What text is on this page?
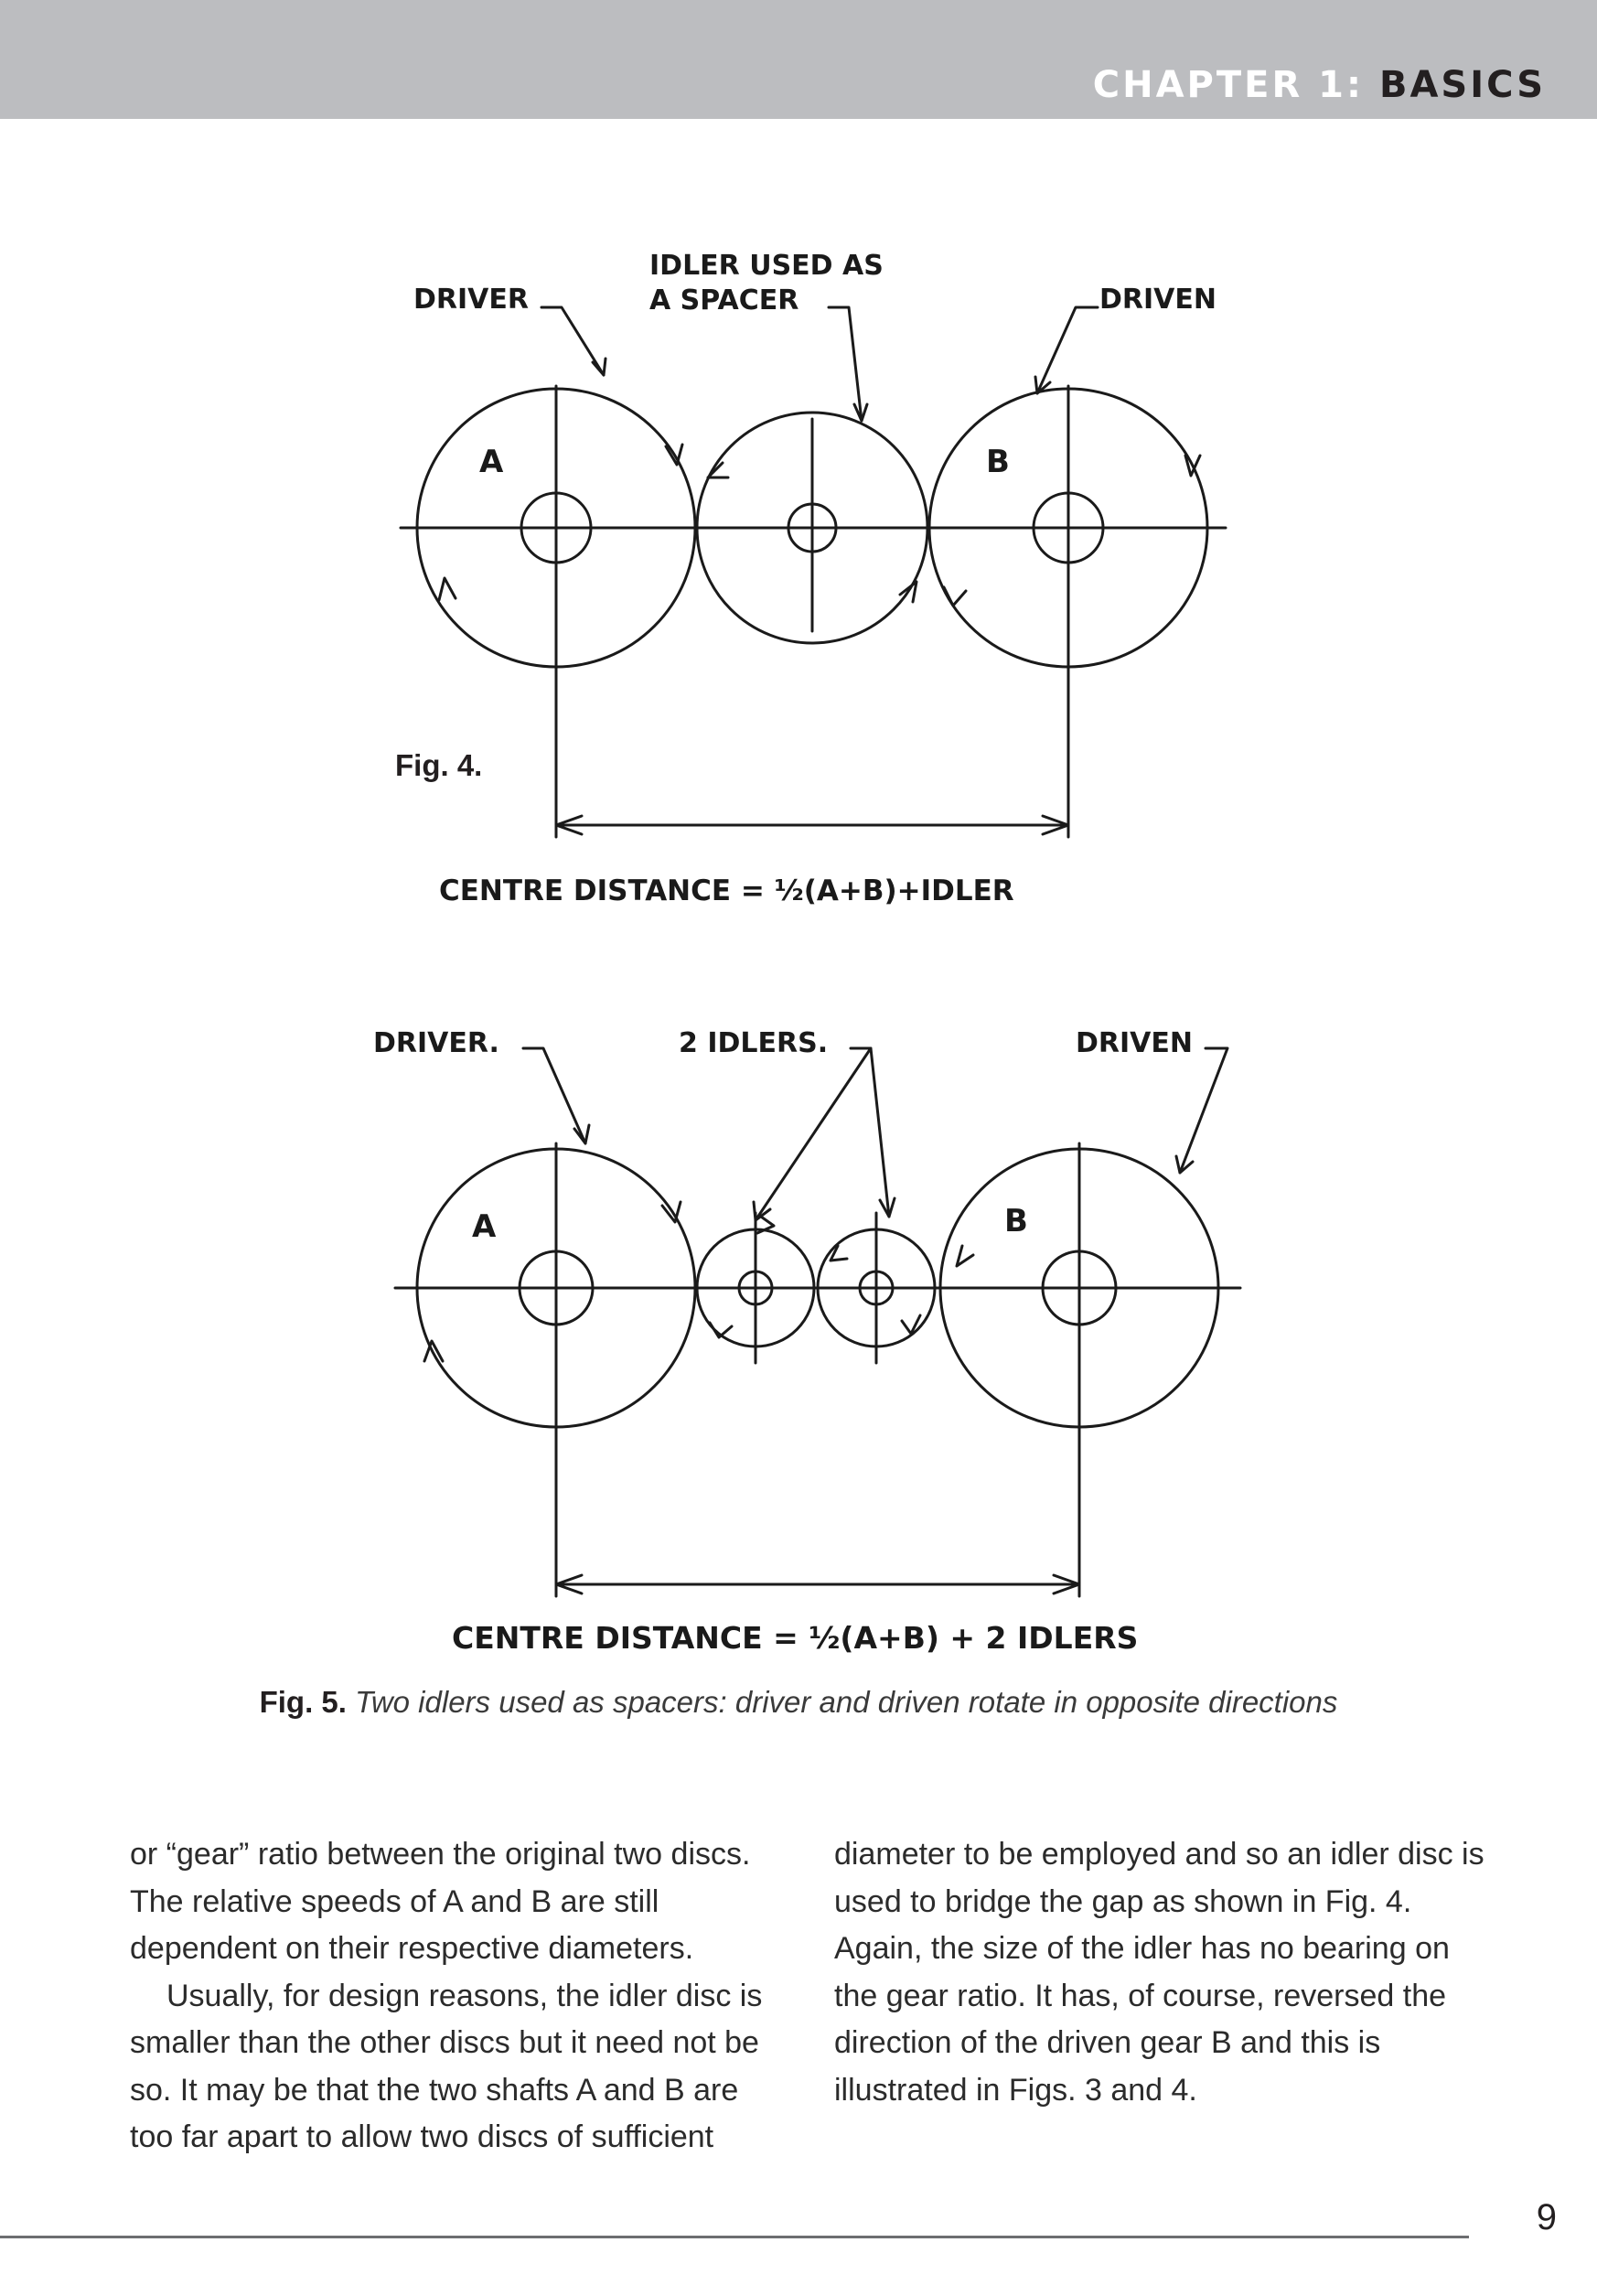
CHAPTER 1: BASICS
DRIVER
IDLER USED AS
A SPACER	DRIVEN
A	B
CENTRE DISTANCE = ½(A+B)+IDLER
Fig. 4.
DRIVER.	2 IDLERS.	DRIVEN
A	B
CENTRE DISTANCE = ½(A+B) + 2 IDLERS
Fig. 5. Two idlers used as spacers: driver and driven rotate in opposite directions

or “gear” ratio between the original two discs. The relative speeds of A and B are still dependent on their respective diameters.

Usually, for design reasons, the idler disc is smaller than the other discs but it need not be so. It may be that the two shafts A and B are too far apart to allow two discs of sufficient

diameter to be employed and so an idler disc is used to bridge the gap as shown in Fig. 4. Again, the size of the idler has no bearing on the gear ratio. It has, of course, reversed the direction of the driven gear B and this is illustrated in Figs. 3 and 4.

9
